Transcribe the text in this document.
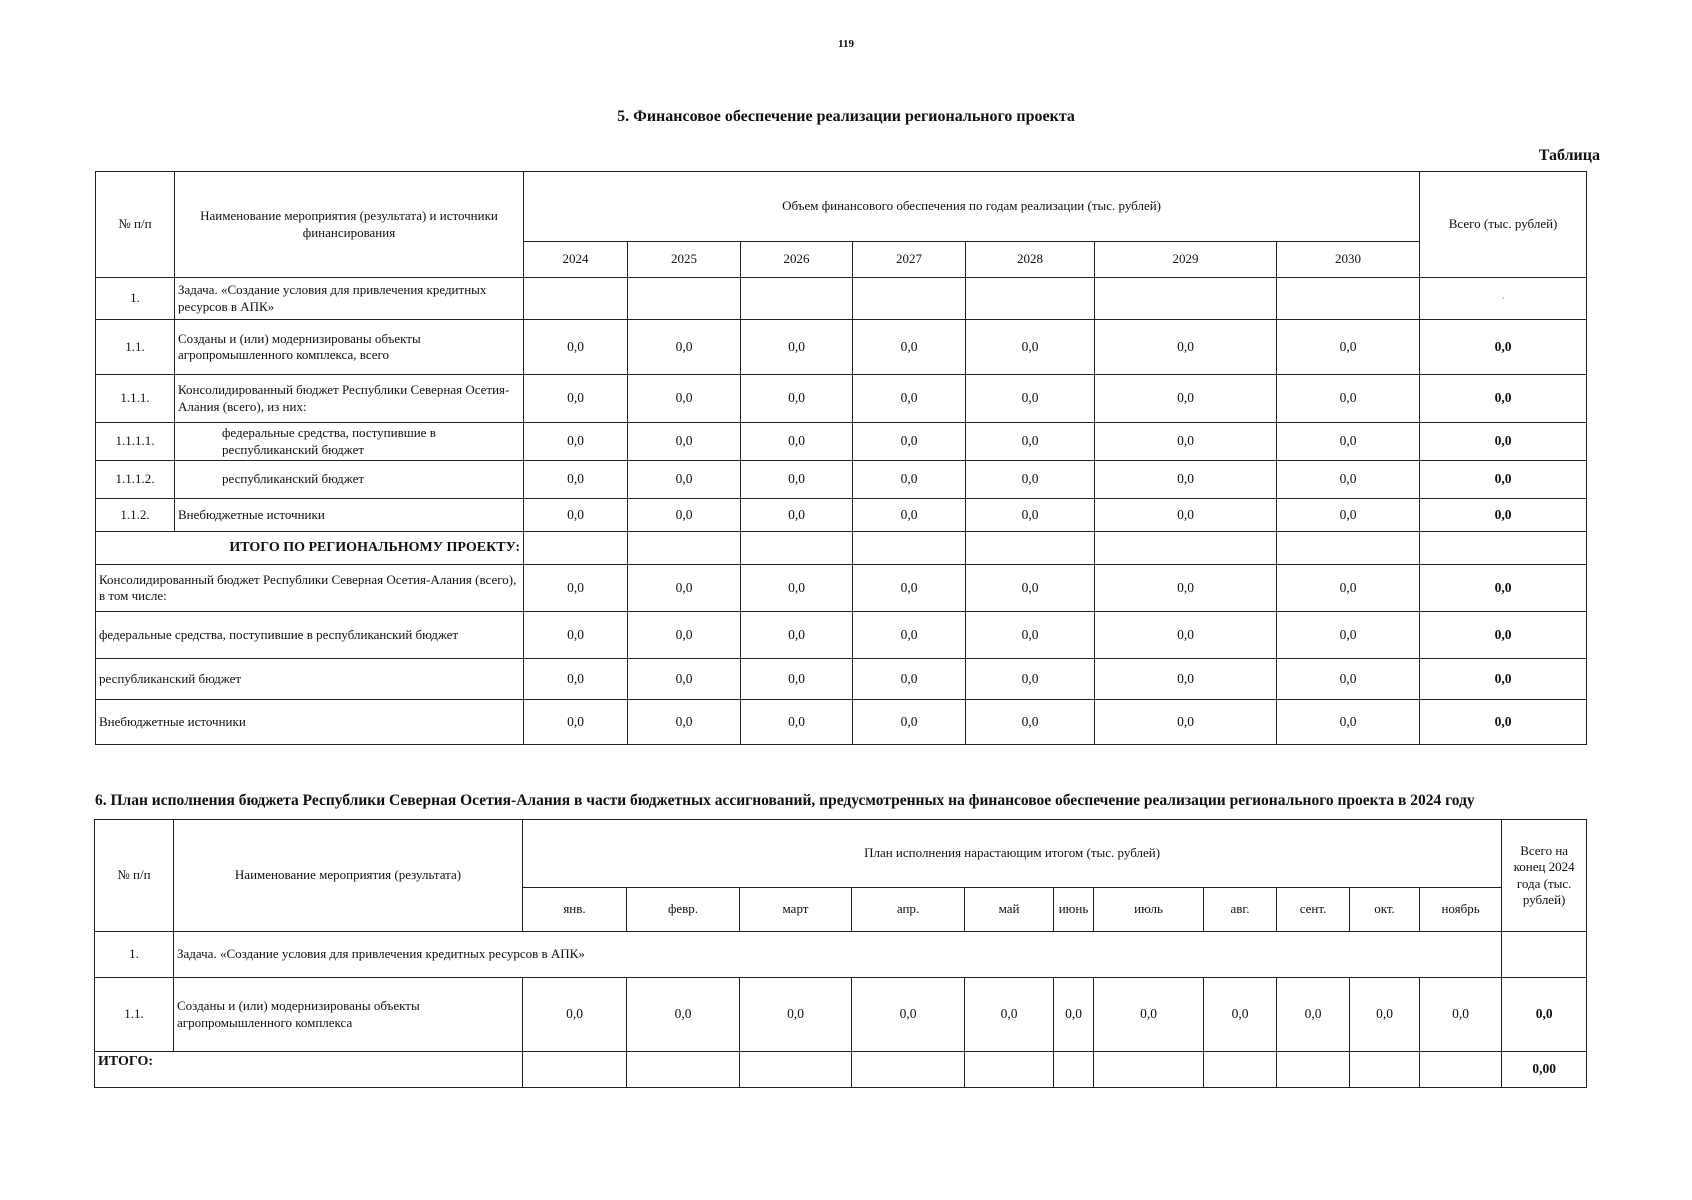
119
5. Финансовое обеспечение реализации регионального проекта
Таблица
№ п/п	Наименование мероприятия (результата) и источники финансирования	Объем финансового обеспечения по годам реализации (тыс. рублей)							Всего (тыс. рублей)
		2024	2025	2026	2027	2028	2029	2030	
1.	Задача. «Создание условия для привлечения кредитных ресурсов в АПК»								·
1.1.	Созданы и (или) модернизированы объекты агропромышленного комплекса, всего	0,0	0,0	0,0	0,0	0,0	0,0	0,0	0,0
1.1.1.	Консолидированный бюджет Республики Северная Осетия-Алания (всего), из них:	0,0	0,0	0,0	0,0	0,0	0,0	0,0	0,0
1.1.1.1.	федеральные средства, поступившие в республиканский бюджет	0,0	0,0	0,0	0,0	0,0	0,0	0,0	0,0
1.1.1.2.	республиканский бюджет	0,0	0,0	0,0	0,0	0,0	0,0	0,0	0,0
1.1.2.	Внебюджетные источники	0,0	0,0	0,0	0,0	0,0	0,0	0,0	0,0
ИТОГО ПО РЕГИОНАЛЬНОМУ ПРОЕКТУ:									
Консолидированный бюджет Республики Северная Осетия-Алания (всего), в том числе:		0,0	0,0	0,0	0,0	0,0	0,0	0,0	0,0
федеральные средства, поступившие в республиканский бюджет		0,0	0,0	0,0	0,0	0,0	0,0	0,0	0,0
республиканский бюджет		0,0	0,0	0,0	0,0	0,0	0,0	0,0	0,0
Внебюджетные источники		0,0	0,0	0,0	0,0	0,0	0,0	0,0	0,0
6. План исполнения бюджета Республики Северная Осетия-Алания в части бюджетных ассигнований, предусмотренных на финансовое обеспечение реализации регионального проекта в 2024 году
№ п/п	Наименование мероприятия (результата)	План исполнения нарастающим итогом (тыс. рублей)											Всего на конец 2024 года (тыс. рублей)
		янв.	февр.	март	апр.	май	июнь	июль	авг.	сент.	окт.	ноябрь	
1.	Задача. «Создание условия для привлечения кредитных ресурсов в АПК»												
1.1.	Созданы и (или) модернизированы объекты агропромышленного комплекса	0,0	0,0	0,0	0,0	0,0	0,0	0,0	0,0	0,0	0,0	0,0	0,0
ИТОГО:													0,00
